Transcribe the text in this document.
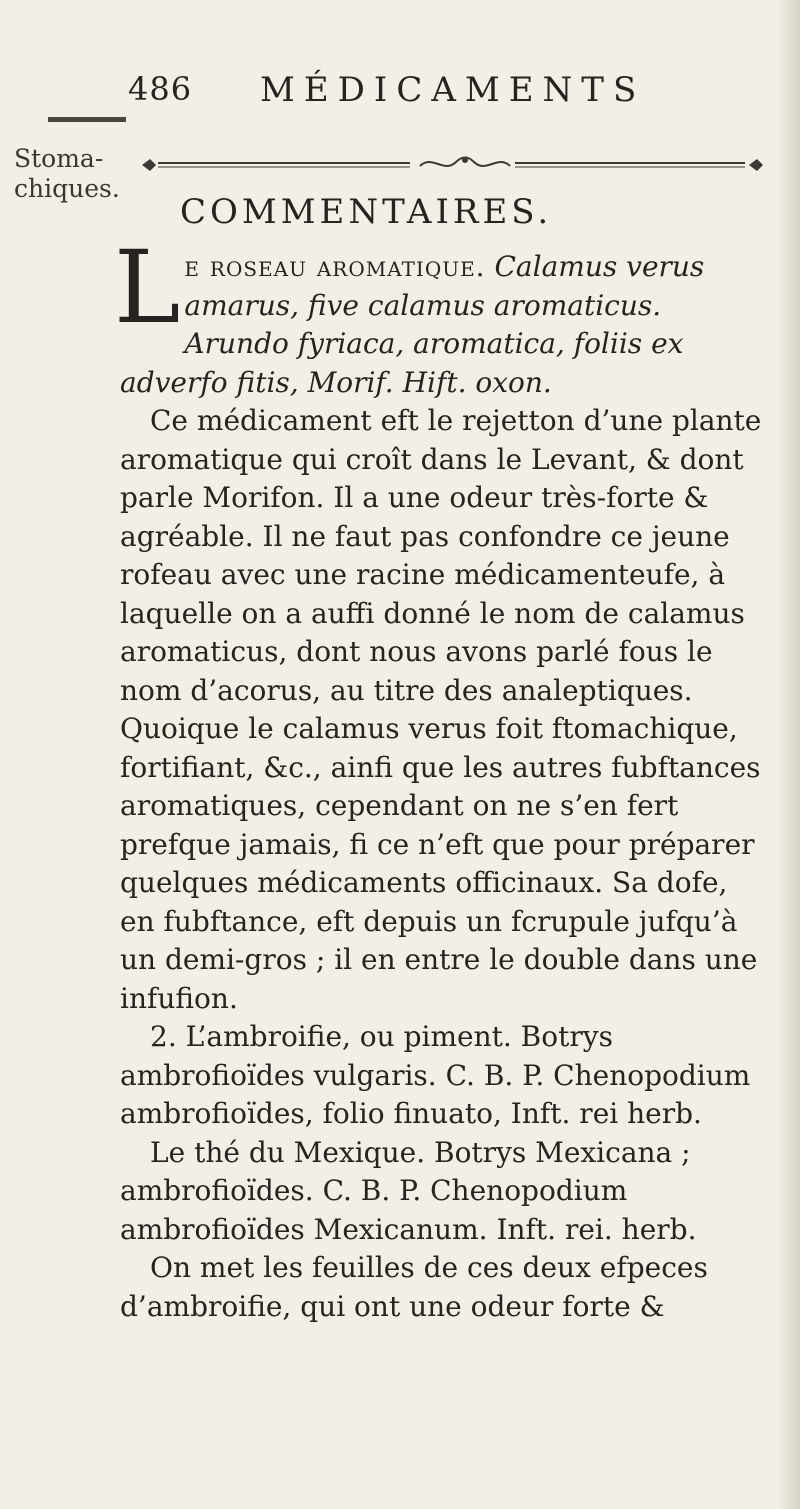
486 MÉDICAMENTS
Stoma-
chiques.
COMMENTAIRES.

Le roseau aromatique. Calamus verus amarus, five calamus aromaticus. Arundo fyriaca, aromatica, foliis ex adverfo fitis, Morif. Hift. oxon.

Ce médicament eft le rejetton d’une plante aromatique qui croît dans le Levant, & dont parle Morifon. Il a une odeur très-forte & agréable. Il ne faut pas confondre ce jeune rofeau avec une racine médicamenteufe, à laquelle on a auffi donné le nom de calamus aromaticus, dont nous avons parlé fous le nom d’acorus, au titre des analeptiques. Quoique le calamus verus foit ftomachique, fortifiant, &c., ainfi que les autres fubftances aromatiques, cependant on ne s’en fert prefque jamais, fi ce n’eft que pour préparer quelques médicaments officinaux. Sa dofe, en fubftance, eft depuis un fcrupule jufqu’à un demi-gros ; il en entre le double dans une infufion.

2. L’ambroifie, ou piment. Botrys ambrofioïdes vulgaris. C. B. P. Chenopodium ambrofioïdes, folio finuato, Inft. rei herb.

Le thé du Mexique. Botrys Mexicana ; ambrofioïdes. C. B. P. Chenopodium ambrofioïdes Mexicanum. Inft. rei. herb.

On met les feuilles de ces deux efpeces d’ambroifie, qui ont une odeur forte &
